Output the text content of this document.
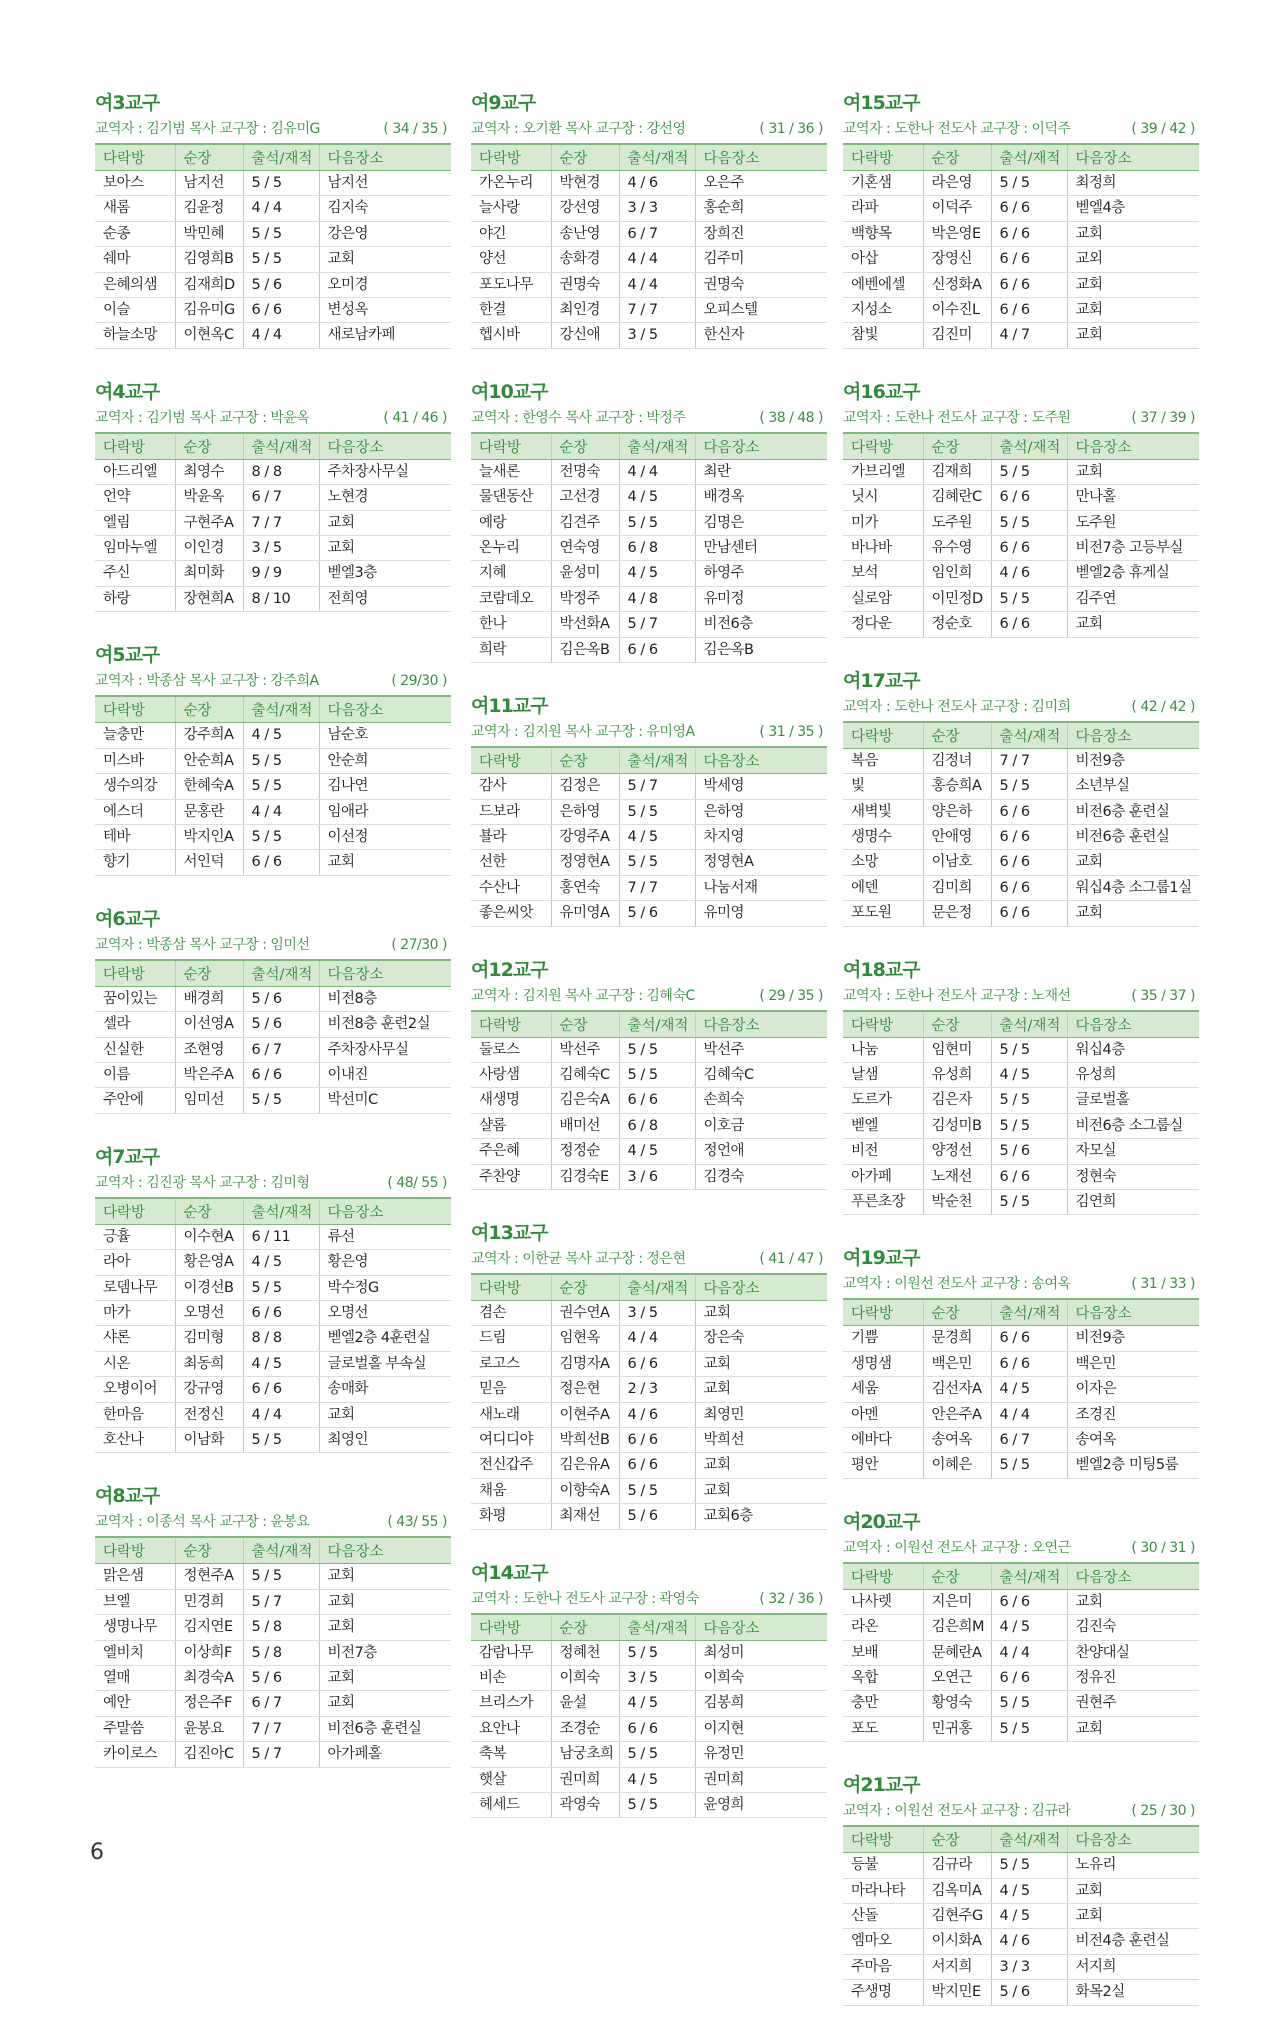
여3교구
교역자 : 김기범 목사 교구장 : 김유미G	( 34 / 35 )
다락방	순장	출석/재적	다음장소
보아스	남지선	5 / 5	남지선
새롬	김윤정	4 / 4	김지숙
순종	박민혜	5 / 5	강은영
쉐마	김영희B	5 / 5	교회
은혜의샘	김재희D	5 / 6	오미경
이슬	김유미G	6 / 6	변성옥
하늘소망	이현옥C	4 / 4	새로남카페
여4교구
교역자 : 김기범 목사 교구장 : 박윤옥	( 41 / 46 )
다락방	순장	출석/재적	다음장소
아드리엘	최영수	8 / 8	주차장사무실
언약	박윤옥	6 / 7	노현경
엘림	구현주A	7 / 7	교회
임마누엘	이인경	3 / 5	교회
주신	최미화	9 / 9	벧엘3층
하랑	장현희A	8 / 10	전희영
여5교구
교역자 : 박종삼 목사 교구장 : 강주희A	( 29/30 )
다락방	순장	출석/재적	다음장소
늘충만	강주희A	4 / 5	남순호
미스바	안순희A	5 / 5	안순희
생수의강	한혜숙A	5 / 5	김나연
에스더	문홍란	4 / 4	임애라
테바	박지인A	5 / 5	이선정
향기	서인덕	6 / 6	교회
여6교구
교역자 : 박종삼 목사 교구장 : 임미선	( 27/30 )
다락방	순장	출석/재적	다음장소
꿈이있는	배경희	5 / 6	비전8층
셀라	이선영A	5 / 6	비전8층 훈련2실
신실한	조현영	6 / 7	주차장사무실
이름	박은주A	6 / 6	이내진
주안에	임미선	5 / 5	박선미C
여7교구
교역자 : 김진광 목사 교구장 : 김미형	( 48/ 55 )
다락방	순장	출석/재적	다음장소
긍휼	이수현A	6 / 11	류선
라아	황은영A	4 / 5	황은영
로뎀나무	이경선B	5 / 5	박수정G
마가	오명선	6 / 6	오명선
샤론	김미형	8 / 8	벧엘2층 4훈련실
시온	최동희	4 / 5	글로벌홀 부속실
오병이어	강규영	6 / 6	송매화
한마음	전정신	4 / 4	교회
호산나	이남화	5 / 5	최영인
여8교구
교역자 : 이종석 목사 교구장 : 윤봉요	( 43/ 55 )
다락방	순장	출석/재적	다음장소
맑은샘	정현주A	5 / 5	교회
브엘	민경희	5 / 7	교회
생명나무	김지연E	5 / 8	교회
엘비치	이상희F	5 / 8	비전7층
열매	최경숙A	5 / 6	교회
예안	정은주F	6 / 7	교회
주말씀	윤봉요	7 / 7	비전6층 훈련실
카이로스	김진아C	5 / 7	아가페홀
여9교구
교역자 : 오기환 목사 교구장 : 강선영	( 31 / 36 )
다락방	순장	출석/재적	다음장소
가온누리	박현경	4 / 6	오은주
늘사랑	강선영	3 / 3	홍순희
야긴	송난영	6 / 7	장희진
양선	송화경	4 / 4	김주미
포도나무	권명숙	4 / 4	권명숙
한결	최인경	7 / 7	오피스텔
헵시바	강신애	3 / 5	한신자
여10교구
교역자 : 한영수 목사 교구장 : 박정주	( 38 / 48 )
다락방	순장	출석/재적	다음장소
늘새론	전명숙	4 / 4	최란
물댄동산	고선경	4 / 5	배경옥
예랑	김견주	5 / 5	김명은
온누리	연숙영	6 / 8	만남센터
지혜	윤성미	4 / 5	하영주
코람데오	박정주	4 / 8	유미정
한나	박선화A	5 / 7	비전6층
희락	김은옥B	6 / 6	김은옥B
여11교구
교역자 : 김지원 목사 교구장 : 유미영A	( 31 / 35 )
다락방	순장	출석/재적	다음장소
감사	김정은	5 / 7	박세영
드보라	은하영	5 / 5	은하영
뵬라	강영주A	4 / 5	차지영
선한	정영현A	5 / 5	정영현A
수산나	홍연숙	7 / 7	나눔서재
좋은씨앗	유미영A	5 / 6	유미영
여12교구
교역자 : 김지원 목사 교구장 : 김혜숙C	( 29 / 35 )
다락방	순장	출석/재적	다음장소
둘로스	박선주	5 / 5	박선주
사랑샘	김혜숙C	5 / 5	김혜숙C
새생명	김은숙A	6 / 6	손희숙
샬롬	배미선	6 / 8	이호금
주은혜	정정순	4 / 5	정언애
주찬양	김경숙E	3 / 6	김경숙
여13교구
교역자 : 이한균 목사 교구장 : 정은현	( 41 / 47 )
다락방	순장	출석/재적	다음장소
겸손	권수연A	3 / 5	교회
드림	임현옥	4 / 4	장은숙
로고스	김명자A	6 / 6	교회
믿음	정은현	2 / 3	교회
새노래	이현주A	4 / 6	최영민
여디디야	박희선B	6 / 6	박희선
전신갑주	김은유A	6 / 6	교회
채움	이향숙A	5 / 5	교회
화평	최재선	5 / 6	교회6층
여14교구
교역자 : 도한나 전도사 교구장 : 곽영숙	( 32 / 36 )
다락방	순장	출석/재적	다음장소
감람나무	정혜천	5 / 5	최성미
비손	이희숙	3 / 5	이희숙
브리스가	윤설	4 / 5	김봉희
요안나	조경순	6 / 6	이지현
축복	남궁초희	5 / 5	유정민
햇살	권미희	4 / 5	권미희
헤세드	곽영숙	5 / 5	윤영희
여15교구
교역자 : 도한나 전도사 교구장 : 이덕주	( 39 / 42 )
다락방	순장	출석/재적	다음장소
기혼샘	라은영	5 / 5	최정희
라파	이덕주	6 / 6	벧엘4층
백향목	박은영E	6 / 6	교회
아삽	장영신	6 / 6	교외
에벤에셀	신정화A	6 / 6	교회
지성소	이수진L	6 / 6	교회
참빛	김진미	4 / 7	교회
여16교구
교역자 : 도한나 전도사 교구장 : 도주원	( 37 / 39 )
다락방	순장	출석/재적	다음장소
가브리엘	김재희	5 / 5	교회
닛시	김혜란C	6 / 6	만나홀
미가	도주원	5 / 5	도주원
바나바	유수영	6 / 6	비전7층 고등부실
보석	임인희	4 / 6	벧엘2층 휴게실
실로암	이민정D	5 / 5	김주연
정다운	정순호	6 / 6	교회
여17교구
교역자 : 도한나 전도사 교구장 : 김미희	( 42 / 42 )
다락방	순장	출석/재적	다음장소
복음	김정녀	7 / 7	비전9층
빛	홍승희A	5 / 5	소년부실
새벽빛	양은하	6 / 6	비전6층 훈련실
생명수	안애영	6 / 6	비전6층 훈련실
소망	이남호	6 / 6	교회
에덴	김미희	6 / 6	워십4층 소그룹1실
포도원	문은정	6 / 6	교회
여18교구
교역자 : 도한나 전도사 교구장 : 노재선	( 35 / 37 )
다락방	순장	출석/재적	다음장소
나눔	임현미	5 / 5	워십4층
날샘	유성희	4 / 5	유성희
도르가	김은자	5 / 5	글로벌홀
벧엘	김성미B	5 / 5	비전6층 소그룹실
비전	양정선	5 / 6	자모실
아가페	노재선	6 / 6	정현숙
푸른초장	박순천	5 / 5	김연희
여19교구
교역자 : 이원선 전도사 교구장 : 송여옥	( 31 / 33 )
다락방	순장	출석/재적	다음장소
기쁨	문경희	6 / 6	비전9층
생명샘	백은민	6 / 6	백은민
세움	김선자A	4 / 5	이자은
아멘	안은주A	4 / 4	조경진
에바다	송여옥	6 / 7	송여옥
평안	이혜은	5 / 5	벧엘2층 미팅5룸
여20교구
교역자 : 이원선 전도사 교구장 : 오연근	( 30 / 31 )
다락방	순장	출석/재적	다음장소
나사렛	지은미	6 / 6	교회
라온	김은희M	4 / 5	김진숙
보배	문혜란A	4 / 4	찬양대실
옥합	오연근	6 / 6	정유진
충만	황영숙	5 / 5	권현주
포도	민귀홍	5 / 5	교회
여21교구
교역자 : 이원선 전도사 교구장 : 김규라	( 25 / 30 )
다락방	순장	출석/재적	다음장소
등불	김규라	5 / 5	노유리
마라나타	김옥미A	4 / 5	교회
산돌	김현주G	4 / 5	교회
엠마오	이시화A	4 / 6	비전4층 훈련실
주마음	서지희	3 / 3	서지희
주생명	박지민E	5 / 6	화목2실
6
